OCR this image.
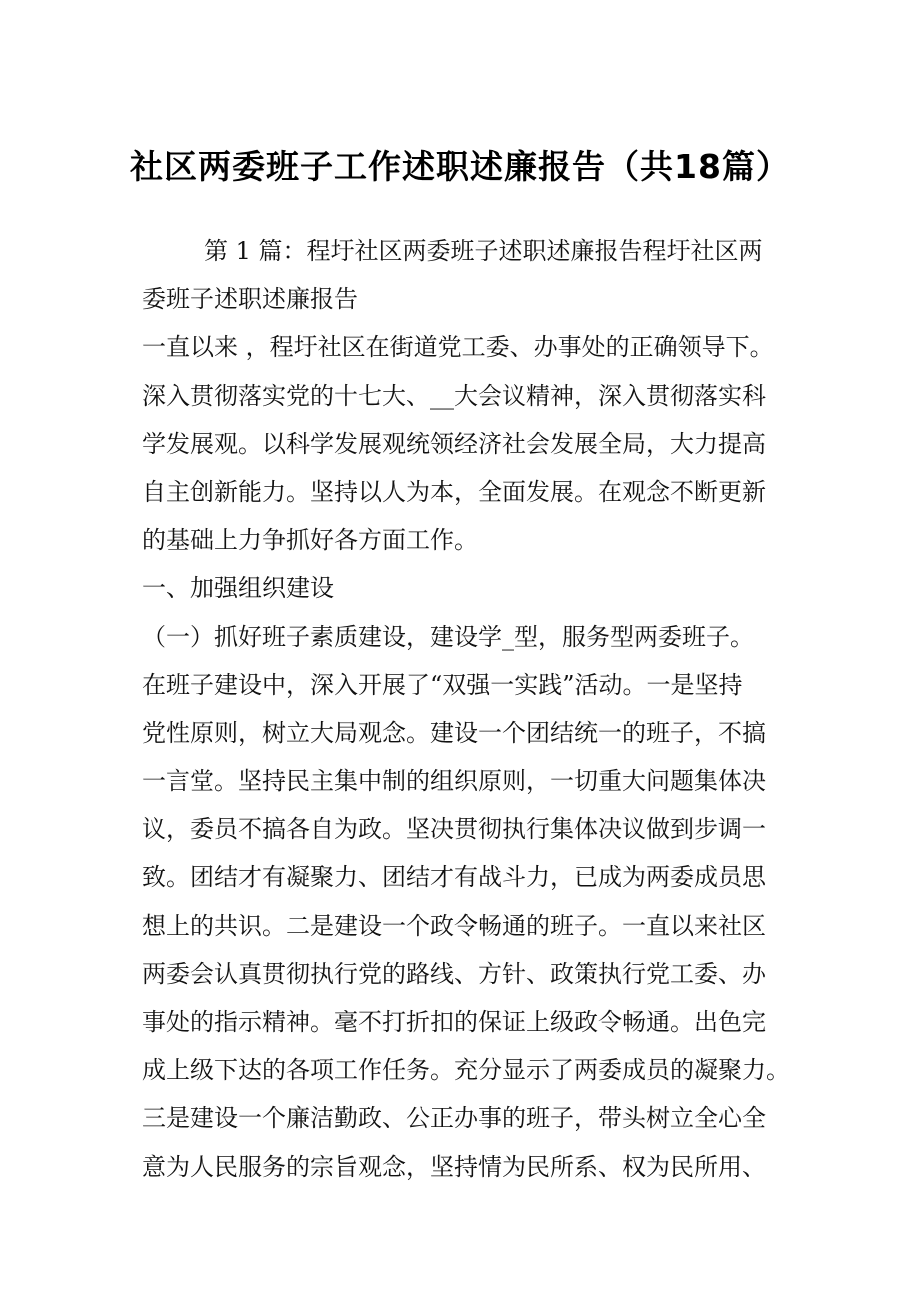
社区两委班子工作述职述廉报告（共18篇）
第 1 篇：程圩社区两委班子述职述廉报告程圩社区两
委班子述职述廉报告
一直以来 ，程圩社区在街道党工委、办事处的正确领导下。
深入贯彻落实党的十七大、__大会议精神，深入贯彻落实科
学发展观。以科学发展观统领经济社会发展全局，大力提高
自主创新能力。坚持以人为本，全面发展。在观念不断更新
的基础上力争抓好各方面工作。
一、加强组织建设
（一）抓好班子素质建设，建设学_型，服务型两委班子。
在班子建设中，深入开展了“双强一实践”活动。一是坚持
党性原则，树立大局观念。建设一个团结统一的班子，不搞
一言堂。坚持民主集中制的组织原则，一切重大问题集体决
议，委员不搞各自为政。坚决贯彻执行集体决议做到步调一
致。团结才有凝聚力、团结才有战斗力，已成为两委成员思
想上的共识。二是建设一个政令畅通的班子。一直以来社区
两委会认真贯彻执行党的路线、方针、政策执行党工委、办
事处的指示精神。毫不打折扣的保证上级政令畅通。出色完
成上级下达的各项工作任务。充分显示了两委成员的凝聚力。
三是建设一个廉洁勤政、公正办事的班子，带头树立全心全
意为人民服务的宗旨观念，坚持情为民所系、权为民所用、
